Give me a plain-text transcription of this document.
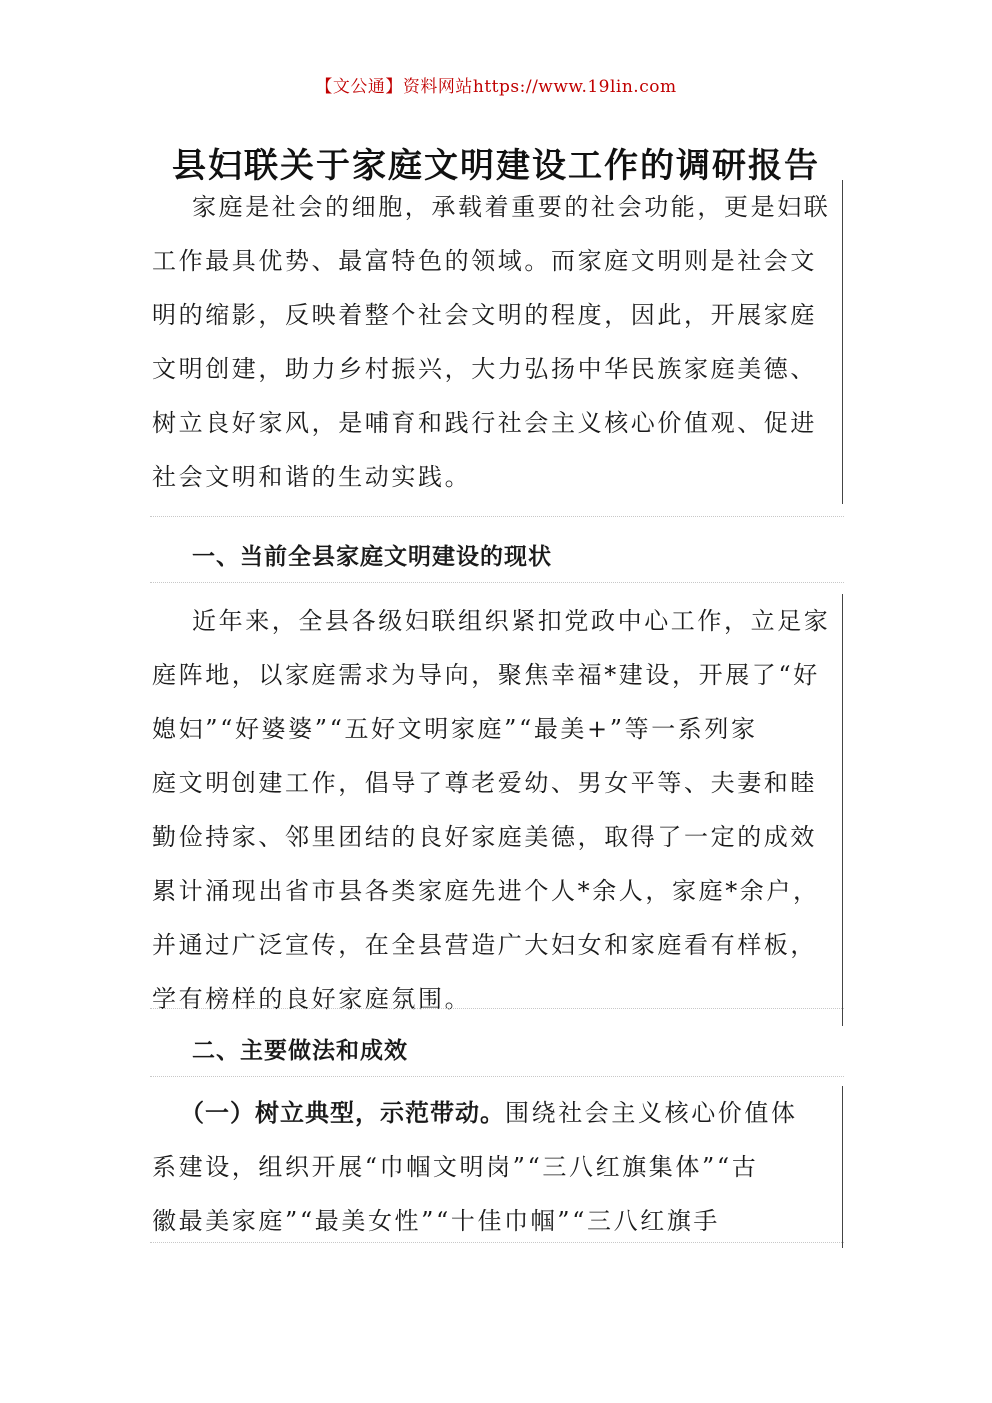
【文公通】资料网站https://www.19lin.com
县妇联关于家庭文明建设工作的调研报告
家庭是社会的细胞，承载着重要的社会功能，更是妇联
工作最具优势、最富特色的领域。而家庭文明则是社会文
明的缩影，反映着整个社会文明的程度，因此，开展家庭
文明创建，助力乡村振兴，大力弘扬中华民族家庭美德、
树立良好家风，是哺育和践行社会主义核心价值观、促进
社会文明和谐的生动实践。
一、当前全县家庭文明建设的现状
近年来，全县各级妇联组织紧扣党政中心工作，立足家
庭阵地，以家庭需求为导向，聚焦幸福*建设，开展了“好
媳妇”“好婆婆”“五好文明家庭”“最美+”等一系列家
庭文明创建工作，倡导了尊老爱幼、男女平等、夫妻和睦
勤俭持家、邻里团结的良好家庭美德，取得了一定的成效
累计涌现出省市县各类家庭先进个人*余人，家庭*余户，
并通过广泛宣传，在全县营造广大妇女和家庭看有样板，
学有榜样的良好家庭氛围。
二、主要做法和成效
（一）树立典型，示范带动。围绕社会主义核心价值体
系建设，组织开展“巾帼文明岗”“三八红旗集体”“古
徽最美家庭”“最美女性”“十佳巾帼”“三八红旗手
